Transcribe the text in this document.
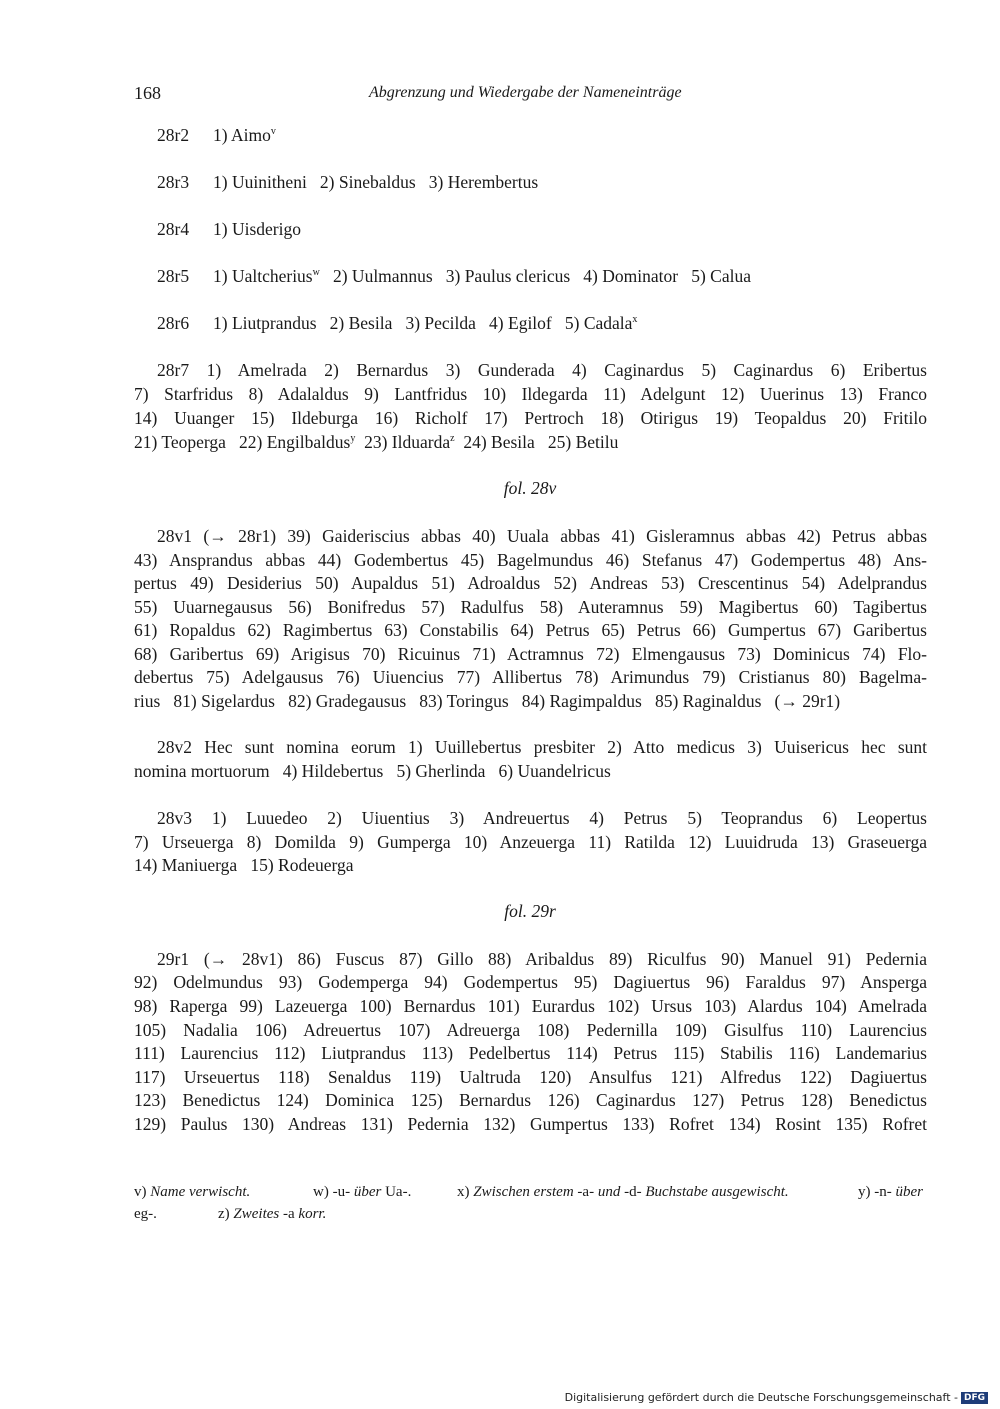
168	Abgrenzung und Wiedergabe der Nameneinträge
28r2 1) Aimo$^v$
28r3 1) Uuinitheni   2) Sinebaldus   3) Herembertus
28r4 1) Uisderigo
28r5 1) Ualtcherius$^w$   2) Uulmannus   3) Paulus clericus   4) Dominator   5) Calua
28r6 1) Liutprandus   2) Besila   3) Pecilda   4) Egilof   5) Cadala$^x$
28r7 1) Amelrada 2) Bernardus 3) Gunderada 4) Caginardus 5) Caginardus 6) Eribertus
7) Starfridus 8) Adalaldus 9) Lantfridus 10) Ildegarda 11) Adelgunt 12) Uuerinus 13) Franco
14) Uuanger 15) Ildeburga 16) Richolf 17) Pertroch 18) Otirigus 19) Teopaldus 20) Fritilo
21) Teoperga   22) Engilbaldus$^y$  23) Ilduarda$^z$  24) Besila   25) Betilu
fol. 28v
28v1 (→ 28r1) 39) Gaideriscius abbas 40) Uuala abbas 41) Gisleramnus abbas 42) Petrus abbas
43) Ansprandus abbas 44) Godembertus 45) Bagelmundus 46) Stefanus 47) Godempertus 48) Ans-
pertus 49) Desiderius 50) Aupaldus 51) Adroaldus 52) Andreas 53) Crescentinus 54) Adelprandus
55) Uuarnegausus 56) Bonifredus 57) Radulfus 58) Auteramnus 59) Magibertus 60) Tagibertus
61) Ropaldus 62) Ragimbertus 63) Constabilis 64) Petrus 65) Petrus 66) Gumpertus 67) Garibertus
68) Garibertus 69) Arigisus 70) Ricuinus 71) Actramnus 72) Elmengausus 73) Dominicus 74) Flo-
debertus 75) Adelgausus 76) Uiuencius 77) Allibertus 78) Arimundus 79) Cristianus 80) Bagelma-
rius   81) Sigelardus   82) Gradegausus   83) Toringus   84) Ragimpaldus   85) Raginaldus   (→ 29r1)
28v2 Hec sunt nomina eorum 1) Uuillebertus presbiter 2) Atto medicus 3) Uuisericus hec sunt
nomina mortuorum   4) Hildebertus   5) Gherlinda   6) Uuandelricus
28v3 1) Luuedeo 2) Uiuentius 3) Andreuertus 4) Petrus 5) Teoprandus 6) Leopertus
7) Urseuerga 8) Domilda 9) Gumperga 10) Anzeuerga 11) Ratilda 12) Luuidruda 13) Graseuerga
14) Maniuerga   15) Rodeuerga
fol. 29r
29r1 (→ 28v1) 86) Fuscus 87) Gillo 88) Aribaldus 89) Riculfus 90) Manuel 91) Pedernia
92) Odelmundus 93) Godemperga 94) Godempertus 95) Dagiuertus 96) Faraldus 97) Ansperga
98) Raperga 99) Lazeuerga 100) Bernardus 101) Eurardus 102) Ursus 103) Alardus 104) Amelrada
105) Nadalia 106) Adreuertus 107) Adreuerga 108) Pedernilla 109) Gisulfus 110) Laurencius
111) Laurencius 112) Liutprandus 113) Pedelbertus 114) Petrus 115) Stabilis 116) Landemarius
117) Urseuertus 118) Senaldus 119) Ualtruda 120) Ansulfus 121) Alfredus 122) Dagiuertus
123) Benedictus 124) Dominica 125) Bernardus 126) Caginardus 127) Petrus 128) Benedictus
129) Paulus 130) Andreas 131) Pedernia 132) Gumpertus 133) Rofret 134) Rosint 135) Rofret
v) Name verwischt.	w) -u- über Ua-.	x) Zwischen erstem -a- und -d- Buchstabe ausgewischt.	y) -n- über
eg-.	z) Zweites -a korr.
Digitalisierung gefördert durch die Deutsche Forschungsgemeinschaft - DFG
